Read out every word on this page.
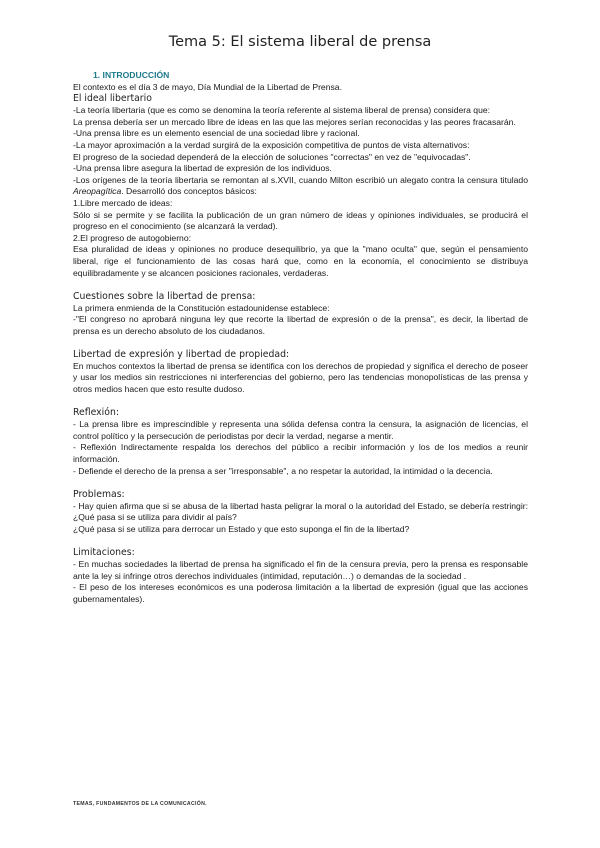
Tema 5: El sistema liberal de prensa

1. INTRODUCCIÓN

El contexto es el día 3 de mayo, Día Mundial de la Libertad de Prensa.

El ideal libertario

-La teoría libertaria (que es como se denomina la teoría referente al sistema liberal de prensa) considera que:

La prensa debería ser un mercado libre de ideas en las que las mejores serían reconocidas y las peores fracasarán.

-Una prensa libre es un elemento esencial de una sociedad libre y racional.

-La mayor aproximación a la verdad surgirá de la exposición competitiva de puntos de vista alternativos:

El progreso de la sociedad dependerá de la elección de soluciones "correctas" en vez de "equivocadas".

-Una prensa libre asegura la libertad de expresión de los individuos.

-Los orígenes de la teoría libertaria se remontan al s.XVII, cuando Milton escribió un alegato contra la censura titulado Areopagítica. Desarrolló dos conceptos básicos:

1.Libre mercado de ideas:

Sólo si se permite y se facilita la publicación de un gran número de ideas y opiniones individuales, se producirá el progreso en el conocimiento (se alcanzará la verdad).

2.El progreso de autogobierno:

Esa pluralidad de ideas y opiniones no produce desequilibrio, ya que la "mano oculta" que, según el pensamiento liberal, rige el funcionamiento de las cosas hará que, como en la economía, el conocimiento se distribuya equilibradamente y se alcancen posiciones racionales, verdaderas.

Cuestiones sobre la libertad de prensa:

La primera enmienda de la Constitución estadounidense establece:

-"El congreso no aprobará ninguna ley que recorte la libertad de expresión o de la prensa", es decir, la libertad de prensa es un derecho absoluto de los ciudadanos.

Libertad de expresión y libertad de propiedad:

En muchos contextos la libertad de prensa se identifica con los derechos de propiedad y significa el derecho de poseer y usar los medios sin restricciones ni interferencias del gobierno, pero las tendencias monopolísticas de las prensa y otros medios hacen que esto resulte dudoso.

Reflexión:

- La prensa libre es imprescindible y representa una sólida defensa contra la censura, la asignación de licencias, el control político y la persecución de periodistas por decir la verdad, negarse a mentir.

- Reflexión Indirectamente respalda los derechos del público a recibir información y los de los medios a reunir información.

- Defiende el derecho de la prensa a ser "irresponsable", a no respetar la autoridad, la intimidad o la decencia.

Problemas:

- Hay quien afirma que si se abusa de la libertad hasta peligrar la moral o la autoridad del Estado, se debería restringir: ¿Qué pasa si se utiliza para dividir al país?

¿Qué pasa si se utiliza para derrocar un Estado y que esto suponga el fin de la libertad?

Limitaciones:

- En muchas sociedades la libertad de prensa ha significado el fin de la censura previa, pero la prensa es responsable ante la ley si infringe otros derechos individuales (intimidad, reputación…) o demandas de la sociedad .

- El peso de los intereses económicos es una poderosa limitación a la libertad de expresión (igual que las acciones gubernamentales).

TEMAS, FUNDAMENTOS DE LA COMUNICACIÓN.
